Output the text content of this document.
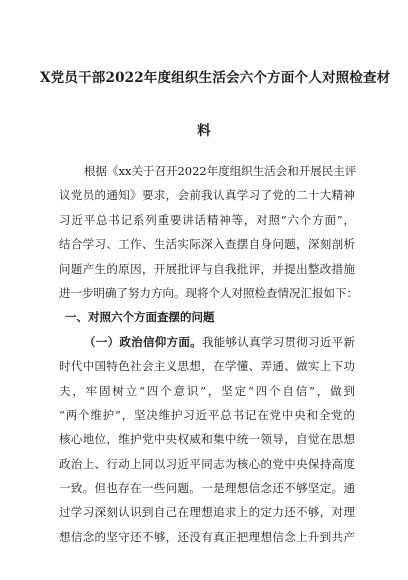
X党员干部2022年度组织生活会六个方面个人对照检查材
料
根据《xx关于召开2022年度组织生活会和开展民主评
议党员的通知》要求，会前我认真学习了党的二十大精神
习近平总书记系列重要讲话精神等，对照“六个方面”，
结合学习、工作、生活实际深入查摆自身问题，深刻剖析
问题产生的原因，开展批评与自我批评，并提出整改措施
进一步明确了努力方向。现将个人对照检查情况汇报如下：
一、对照六个方面查摆的问题
（一）政治信仰方面。我能够认真学习贯彻习近平新
时代中国特色社会主义思想，在学懂、弄通、做实上下功
夫，牢固树立“四个意识”，坚定“四个自信”，做到
“两个维护”，坚决维护习近平总书记在党中央和全党的
核心地位，维护党中央权威和集中统一领导，自觉在思想
政治上、行动上同以习近平同志为核心的党中央保持高度
一致。但也存在一些问题。一是理想信念还不够坚定。通
过学习深刻认识到自己在理想追求上的定力还不够，对理
想信念的坚守还不够，还没有真正把理想信念上升到共产
